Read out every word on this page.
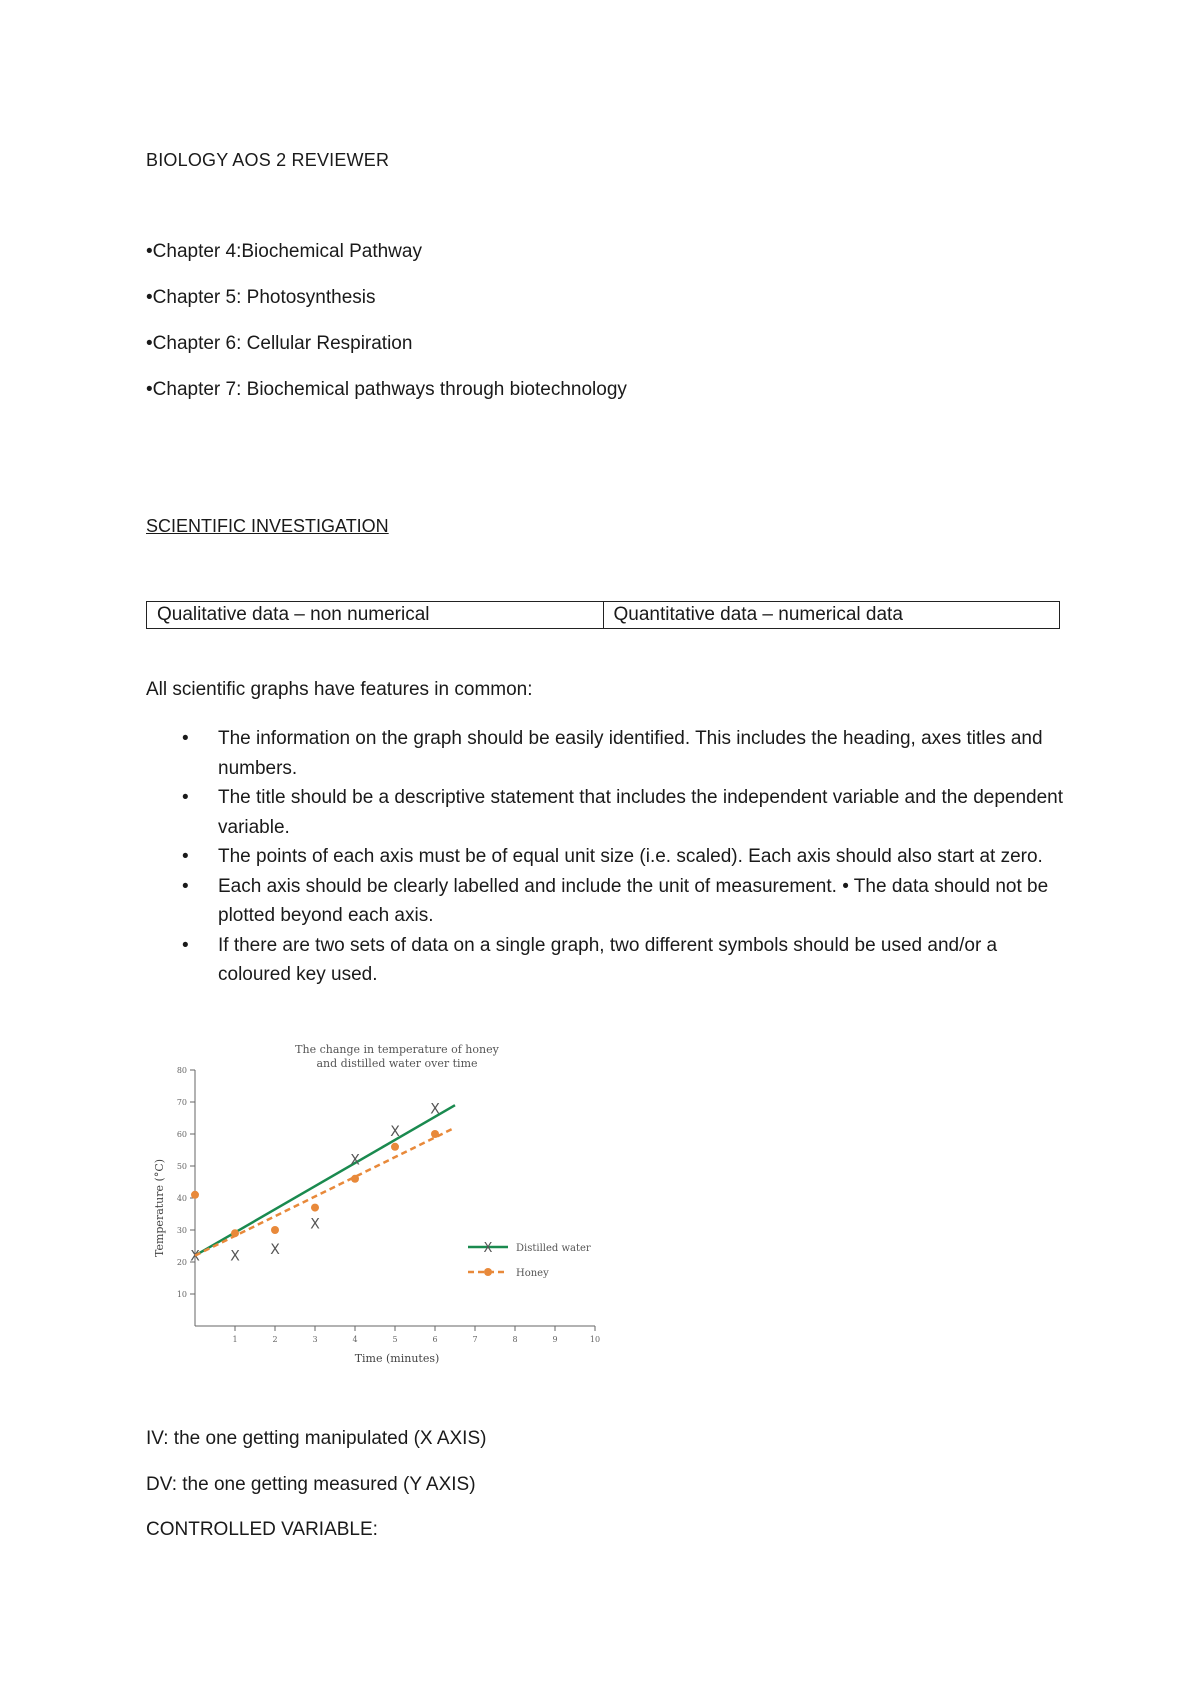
BIOLOGY AOS 2 REVIEWER
•Chapter 4:Biochemical Pathway
•Chapter 5: Photosynthesis
•Chapter 6: Cellular Respiration
•Chapter 7: Biochemical pathways through biotechnology
SCIENTIFIC INVESTIGATION
Qualitative data – non numerical	Quantitative data – numerical data
All scientific graphs have features in common:
• The information on the graph should be easily identified. This includes the heading, axes titles and numbers.
• The title should be a descriptive statement that includes the independent variable and the dependent variable.
• The points of each axis must be of equal unit size (i.e. scaled). Each axis should also start at zero.
• Each axis should be clearly labelled and include the unit of measurement. • The data should not be plotted beyond each axis.
• If there are two sets of data on a single graph, two different symbols should be used and/or a coloured key used.
The change in temperature of honey
and distilled water over time
10
20
30
40
50
60
70
80
1	2	3	4	5	6	7	8	9	10
Time (minutes)
Temperature (°C) X X X
X
X
X
X
X Distilled water
Honey
IV: the one getting manipulated (X AXIS)
DV: the one getting measured (Y AXIS)
CONTROLLED VARIABLE:
